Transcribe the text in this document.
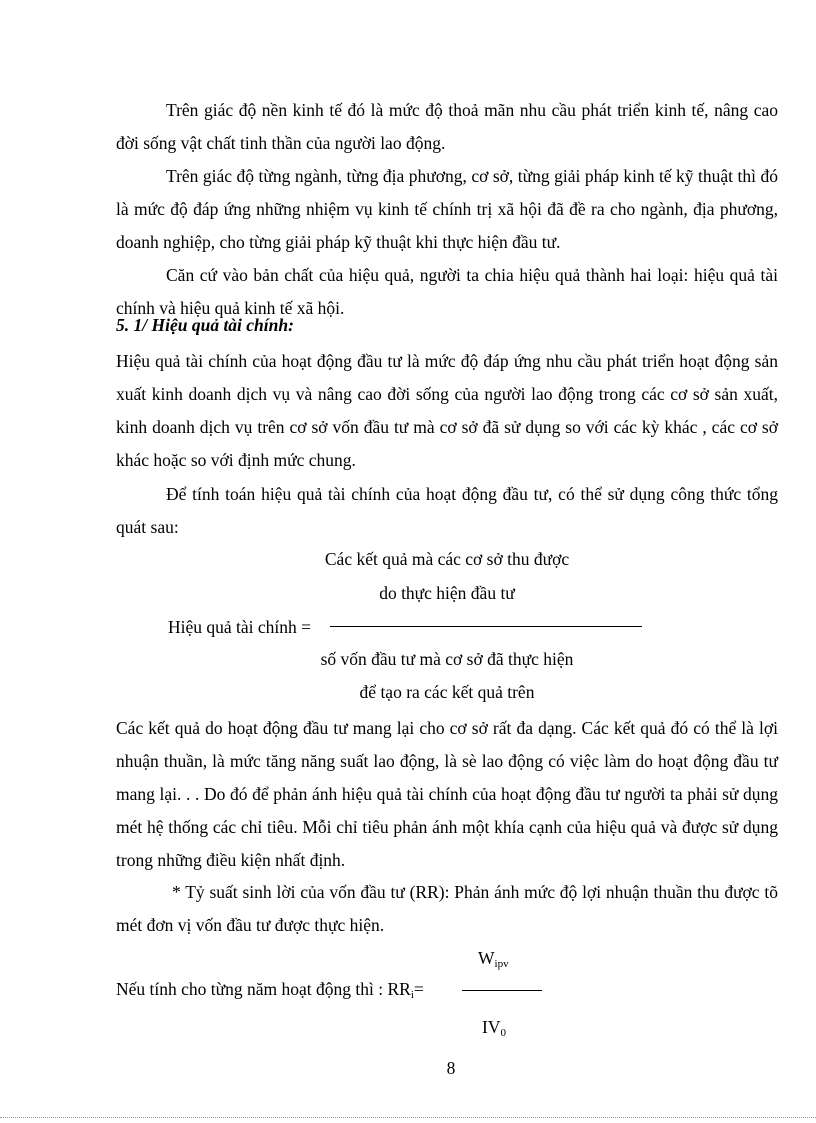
Trên giác độ nền kinh tế đó là mức độ thoả mãn nhu cầu phát triển kinh tế, nâng cao đời sống vật chất tinh thần của người lao động.

Trên giác độ từng ngành, từng địa phương, cơ sở, từng giải pháp kinh tế kỹ thuật thì đó là mức độ đáp ứng những nhiệm vụ kinh tế chính trị xã hội đã đề ra cho ngành, địa phương, doanh nghiệp, cho từng giải pháp kỹ thuật khi thực hiện đầu tư.

Căn cứ vào bản chất của hiệu quả, người ta chia hiệu quả thành hai loại: hiệu quả tài chính và hiệu quả kinh tế xã hội.

5. 1/ Hiệu quả tài chính:

Hiệu quả tài chính của hoạt động đầu tư là mức độ đáp ứng nhu cầu phát triển hoạt động sản xuất kinh doanh dịch vụ và nâng cao đời sống của người lao động trong các cơ sở sản xuất, kinh doanh dịch vụ trên cơ sở vốn đầu tư mà cơ sở đã sử dụng so với các kỳ khác , các cơ sở khác hoặc so với định mức chung.

Để tính toán hiệu quả tài chính của hoạt động đầu tư, có thể sử dụng công thức tổng quát sau:

Các kết quả mà các cơ sở thu được
do thực hiện đầu tư
Hiệu quả tài chính =
số vốn đầu tư mà cơ sở đã thực hiện
để tạo ra các kết quả trên

Các kết quả do hoạt động đầu tư mang lại cho cơ sở rất đa dạng. Các kết quả đó có thể là lợi nhuận thuần, là mức tăng năng suất lao động, là sè lao động có việc làm do hoạt động đầu tư mang lại. . . Do đó để phản ánh hiệu quả tài chính của hoạt động đầu tư người ta phải sử dụng mét hệ thống các chỉ tiêu. Mỗi chỉ tiêu phản ánh một khía cạnh của hiệu quả và được sử dụng trong những điều kiện nhất định.

* Tỷ suất sinh lời của vốn đầu tư (RR): Phản ánh mức độ lợi nhuận thuần thu được tõ mét đơn vị vốn đầu tư được thực hiện.

$W_{ipv}$
Nếu tính cho từng năm hoạt động thì : $RR_i=$
$IV_0$
8
